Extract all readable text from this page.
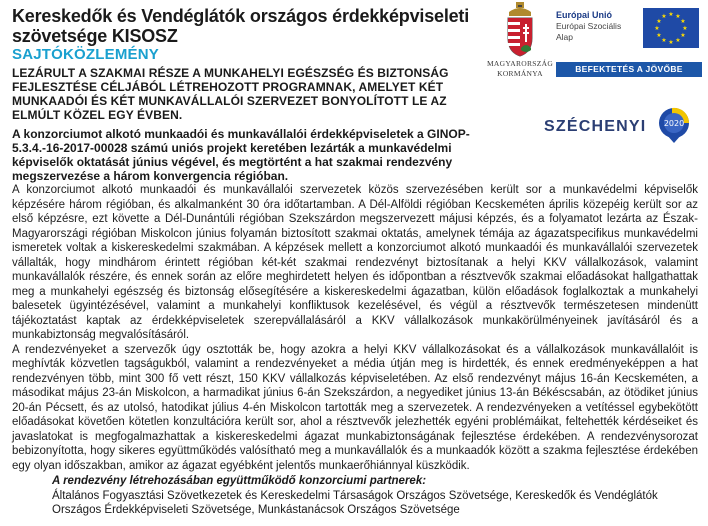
Kereskedők és Vendéglátók országos érdekképviseleti szövetsége KISOSZ
SAJTÓKÖZLEMÉNY
LEZÁRULT A SZAKMAI RÉSZE A MUNKAHELYI EGÉSZSÉG ÉS BIZTONSÁG FEJLESZTÉSE CÉLJÁBÓL LÉTREHOZOTT PROGRAMNAK, AMELYET KÉT MUNKAADÓI ÉS KÉT MUNKAVÁLLALÓI SZERVEZET BONYOLÍTOTT LE AZ ELMÚLT KÖZEL EGY ÉVBEN.

A konzorciumot alkotó munkaadói és munkavállalói érdekképviseletek a GINOP-5.3.4.-16-2017-00028 számú uniós projekt keretében lezárták a munkavédelmi képviselők oktatását június végével, és megtörtént a hat szakmai rendezvény megszervezése a három konvergencia régióban.

MAGYARORSZÁG
KORMÁNYA
Európai Unió
Európai Szociális
Alap
★ ★
★
★
★
★
★
★
★
★
★
★
BEFEKTETÉS A JÖVŐBE
SZÉCHENYI 2020

A konzorciumot alkotó munkaadói és munkavállalói szervezetek közös szervezésében került sor a munkavédelmi képviselők képzésére három régióban, és alkalmanként 30 óra időtartamban. A Dél-Alföldi régióban Kecskeméten április közepéig került sor az első képzésre, ezt követte a Dél-Dunántúli régióban Szekszárdon megszervezett májusi képzés, és a folyamatot lezárta az Észak-Magyarországi régióban Miskolcon június folyamán biztosított szakmai oktatás, amelynek témája az ágazatspecifikus munkavédelmi ismeretek voltak a kiskereskedelmi szakmában. A képzések mellett a konzorciumot alkotó munkaadói és munkavállalói szervezetek vállalták, hogy mindhárom érintett régióban két-két szakmai rendezvényt biztosítanak a helyi KKV vállalkozások, valamint munkavállalók részére, és ennek során az előre meghirdetett helyen és időpontban a résztvevők szakmai előadásokat hallgathattak meg a munkahelyi egészség és biztonság elősegítésére a kiskereskedelmi ágazatban, külön előadások foglalkoztak a munkahelyi balesetek ügyintézésével, valamint a munkahelyi konfliktusok kezelésével, és végül a résztvevők természetesen mindenütt tájékoztatást kaptak az érdekképviseletek szerepvállalásáról a KKV vállalkozások munkakörülményeinek javításáról és a munkabiztonság megvalósításáról.

A rendezvényeket a szervezők úgy osztották be, hogy azokra a helyi KKV vállalkozásokat és a vállalkozások munkavállalóit is meghívták közvetlen tagságukból, valamint a rendezvényeket a média útján meg is hirdették, és ennek eredményeképpen a hat rendezvényen több, mint 300 fő vett részt, 150 KKV vállalkozás képviseletében. Az első rendezvényt május 16-án Kecskeméten, a másodikat május 23-án Miskolcon, a harmadikat június 6-án Szekszárdon, a negyediket június 13-án Békéscsabán, az ötödiket június 20-án Pécsett, és az utolsó, hatodikat július 4-én Miskolcon tartották meg a szervezetek. A rendezvényeken a vetítéssel egybekötött előadásokat követően kötetlen konzultációra került sor, ahol a résztvevők jelezhették egyéni problémáikat, feltehették kérdéseiket és javaslatokat is megfogalmazhattak a kiskereskedelmi ágazat munkabiztonságának fejlesztése érdekében. A rendezvénysorozat bebizonyította, hogy sikeres együttműködés valósítható meg a munkavállalók és a munkaadók között a szakma fejlesztése érdekében egy olyan időszakban, amikor az ágazat egyébként jelentős munkaerőhiánnyal küszködik.

A rendezvény létrehozásában együttműködő konzorciumi partnerek:
Általános Fogyasztási Szövetkezetek és Kereskedelmi Társaságok Országos Szövetsége, Kereskedők és Vendéglátók Országos Érdekképviseleti Szövetsége, Munkástanácsok Országos Szövetsége
